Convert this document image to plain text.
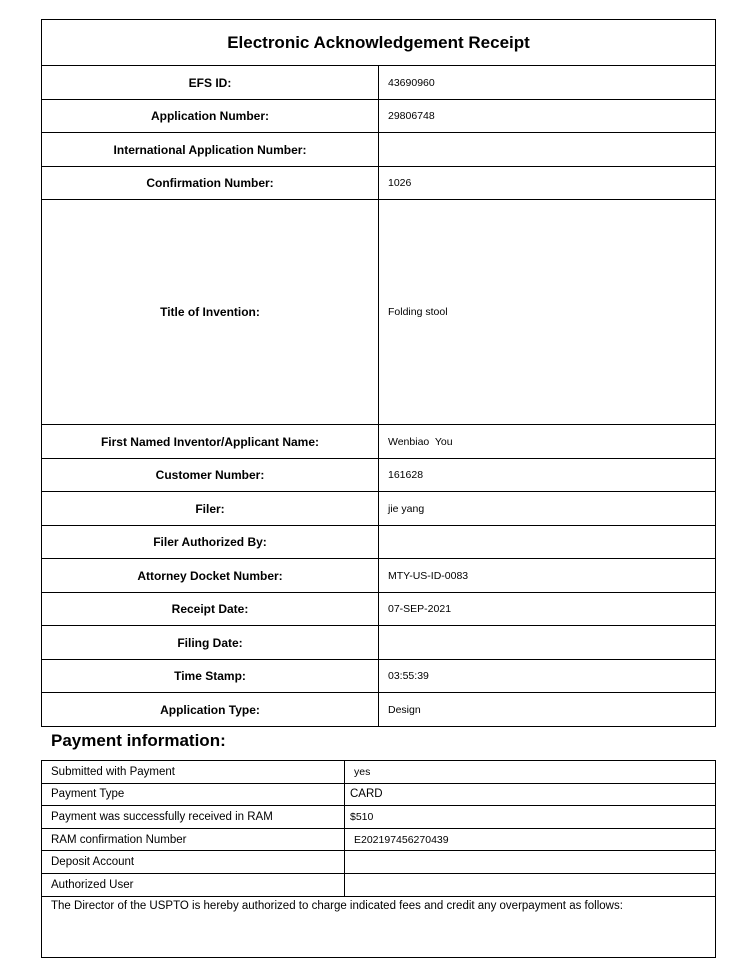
Electronic Acknowledgement Receipt	
EFS ID:	43690960
Application Number:	29806748
International Application Number:	
Confirmation Number:	1026
Title of Invention:	Folding stool
First Named Inventor/Applicant Name:	Wenbiao  You
Customer Number:	161628
Filer:	jie yang
Filer Authorized By:	
Attorney Docket Number:	MTY-US-ID-0083
Receipt Date:	07-SEP-2021
Filing Date:	
Time Stamp:	03:55:39
Application Type:	Design
Payment information:
Submitted with Payment	yes
Payment Type	CARD
Payment was successfully received in RAM	$510
RAM confirmation Number	E202197456270439
Deposit Account	
Authorized User	
The Director of the USPTO is hereby authorized to charge indicated fees and credit any overpayment as follows:	
